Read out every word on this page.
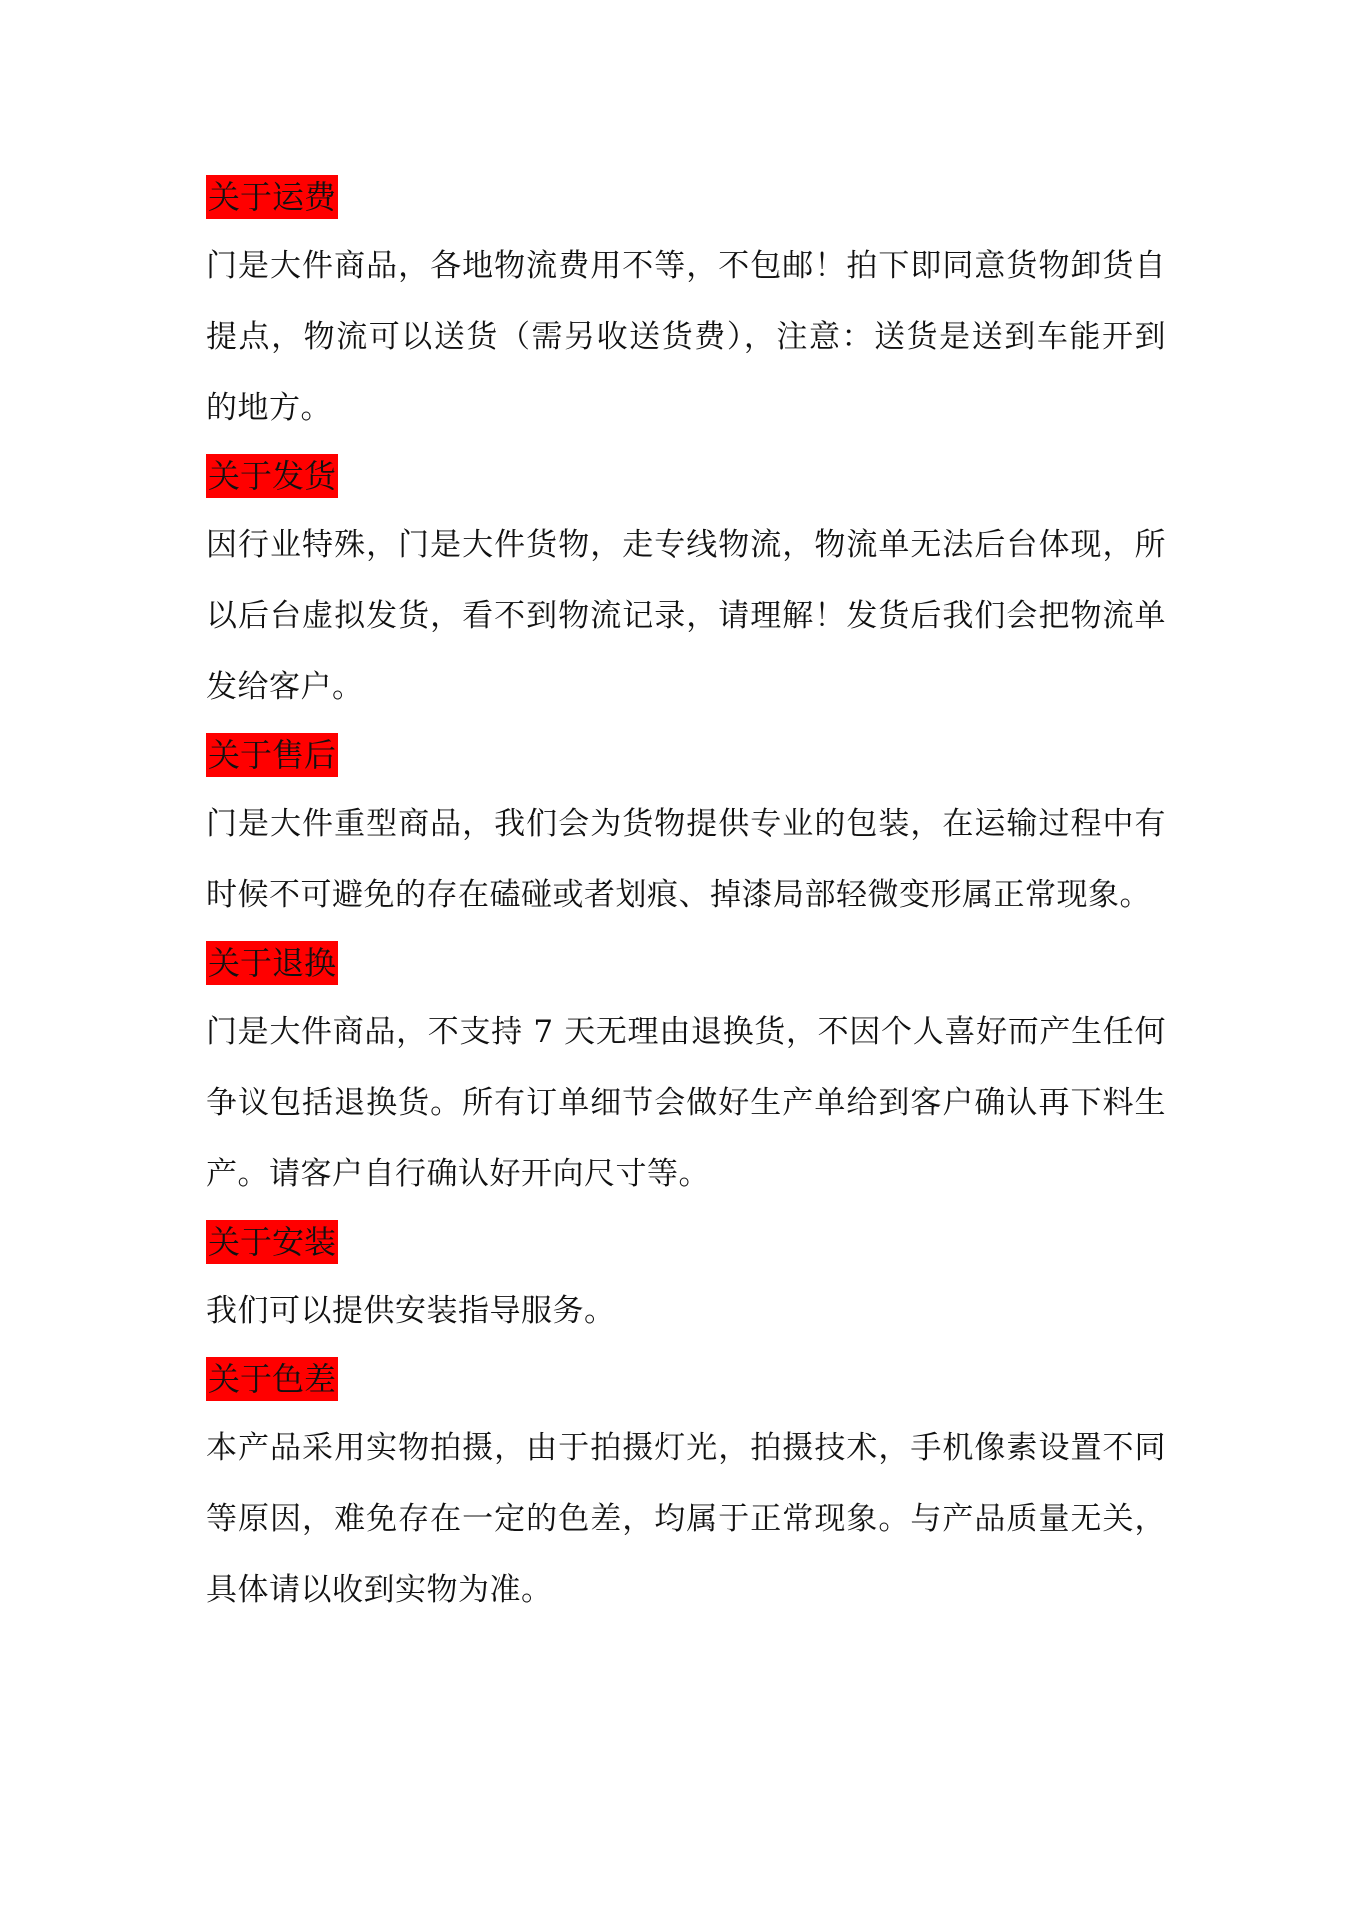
关于运费

门是大件商品，各地物流费用不等，不包邮！拍下即同意货物卸货自提点，物流可以送货（需另收送货费），注意：送货是送到车能开到的地方。

关于发货

因行业特殊，门是大件货物，走专线物流，物流单无法后台体现，所以后台虚拟发货，看不到物流记录，请理解！发货后我们会把物流单发给客户。

关于售后

门是大件重型商品，我们会为货物提供专业的包装，在运输过程中有时候不可避免的存在磕碰或者划痕、掉漆局部轻微变形属正常现象。

关于退换

门是大件商品，不支持 7 天无理由退换货，不因个人喜好而产生任何争议包括退换货。所有订单细节会做好生产单给到客户确认再下料生产。请客户自行确认好开向尺寸等。

关于安装

我们可以提供安装指导服务。

关于色差

本产品采用实物拍摄，由于拍摄灯光，拍摄技术，手机像素设置不同等原因，难免存在一定的色差，均属于正常现象。与产品质量无关，具体请以收到实物为准。
